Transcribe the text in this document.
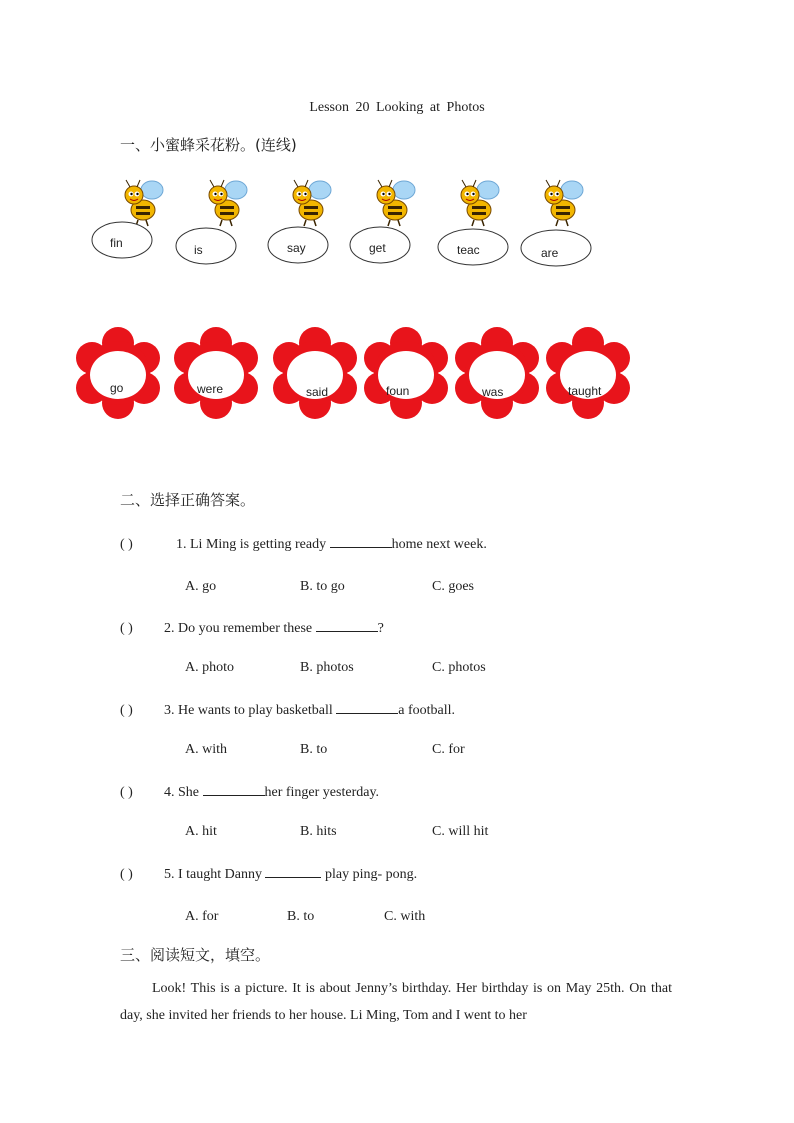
Lesson 20 Looking at Photos
一、小蜜蜂采花粉。(连线)
fin	is	say	get	teac	are
go	were	said	foun	was	taught
二、选择正确答案。
( )	1. Li Ming is getting ready	home next week.
A. go	B. to go	C. goes
( ) 2. Do you remember these	?
A. photo	B. photos	C. photos
( ) 3. He wants to play basketball	a football.
A. with	B. to	C. for
( ) 4. She	her finger yesterday.
A. hit	B. hits	C. will hit
( ) 5. I taught Danny	play ping- pong.
A. for	B. to	C. with
三、阅读短文，填空。
Look! This is a picture. It is about Jenny’s birthday. Her birthday is on May 25th. On that day, she invited her friends to her house. Li Ming, Tom and I went to her
